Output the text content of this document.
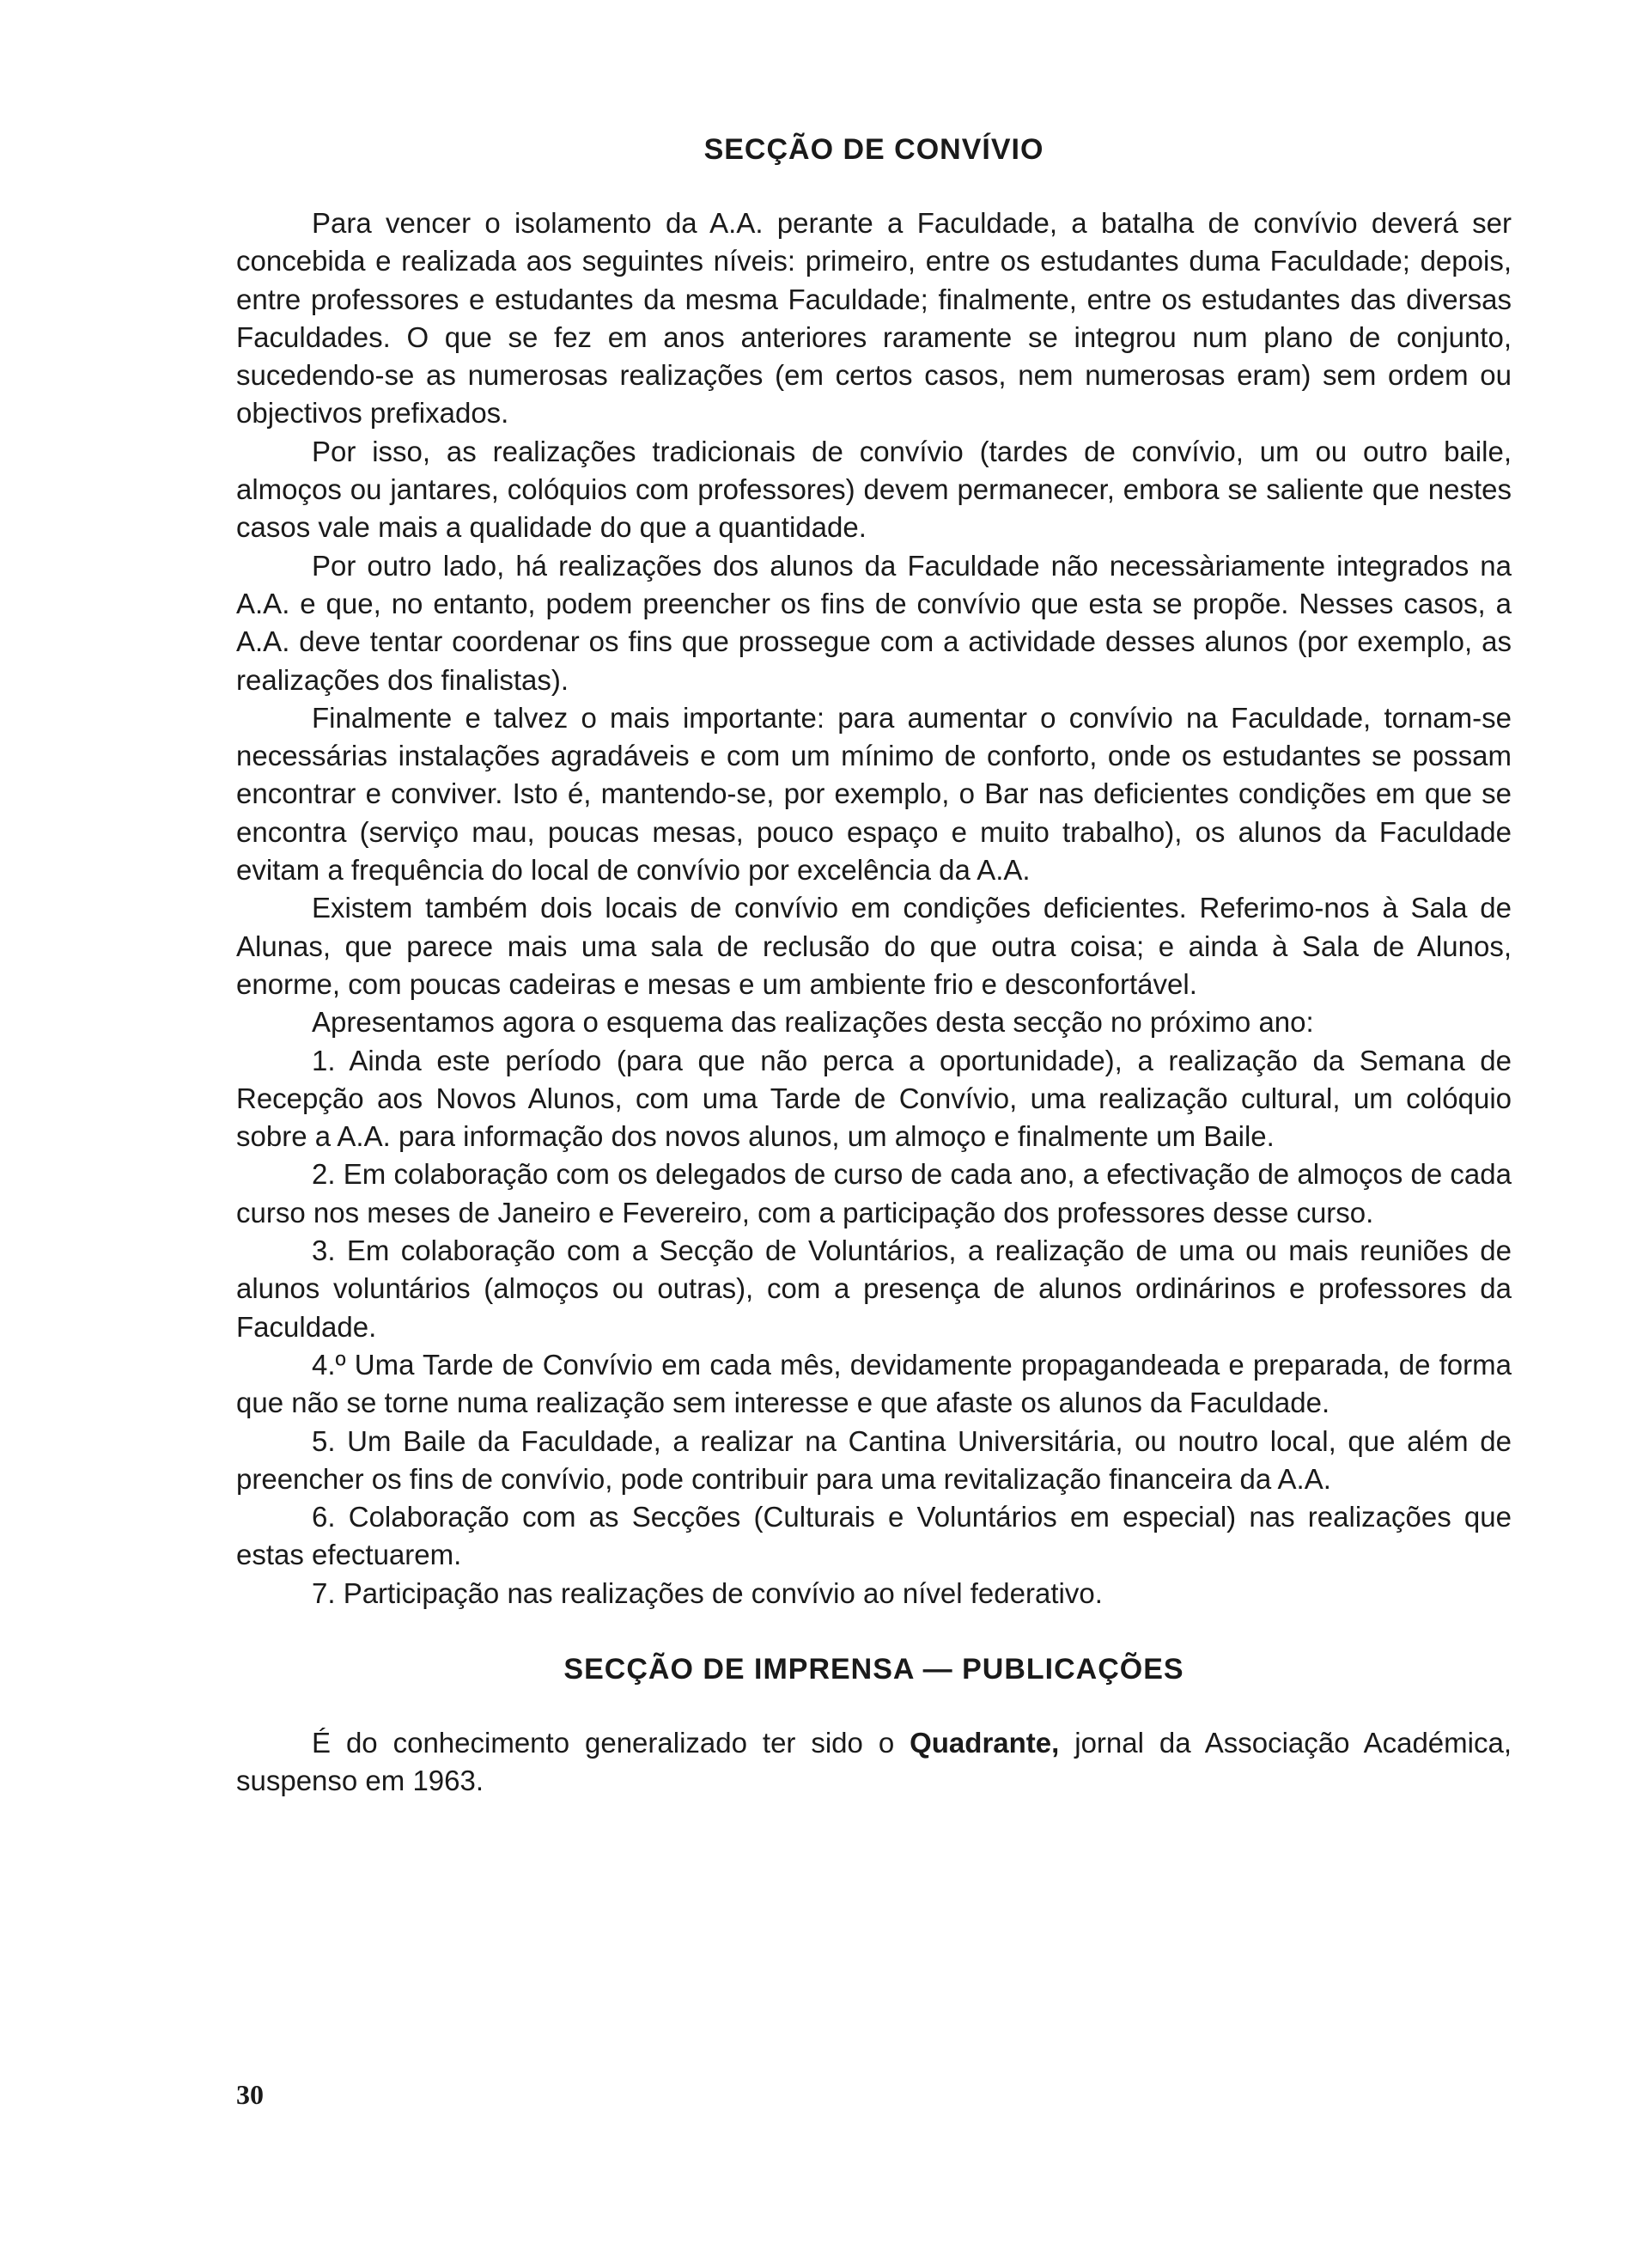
SECÇÃO DE CONVÍVIO

Para vencer o isolamento da A.A. perante a Faculdade, a batalha de convívio deverá ser concebida e realizada aos seguintes níveis: primeiro, entre os estudantes duma Faculdade; depois, entre professores e estudantes da mesma Faculdade; finalmente, entre os estudantes das diversas Faculdades. O que se fez em anos anteriores raramente se integrou num plano de conjunto, sucedendo-se as numerosas realizações (em certos casos, nem numerosas eram) sem ordem ou objectivos prefixados.

Por isso, as realizações tradicionais de convívio (tardes de convívio, um ou outro baile, almoços ou jantares, colóquios com professores) devem permanecer, embora se saliente que nestes casos vale mais a qualidade do que a quantidade.

Por outro lado, há realizações dos alunos da Faculdade não necessàriamente integrados na A.A. e que, no entanto, podem preencher os fins de convívio que esta se propõe. Nesses casos, a A.A. deve tentar coordenar os fins que prossegue com a actividade desses alunos (por exemplo, as realizações dos finalistas).

Finalmente e talvez o mais importante: para aumentar o convívio na Faculdade, tornam-se necessárias instalações agradáveis e com um mínimo de conforto, onde os estudantes se possam encontrar e conviver. Isto é, mantendo-se, por exemplo, o Bar nas deficientes condições em que se encontra (serviço mau, poucas mesas, pouco espaço e muito trabalho), os alunos da Faculdade evitam a frequência do local de convívio por excelência da A.A.

Existem também dois locais de convívio em condições deficientes. Referimo-nos à Sala de Alunas, que parece mais uma sala de reclusão do que outra coisa; e ainda à Sala de Alunos, enorme, com poucas cadeiras e mesas e um ambiente frio e desconfortável.

Apresentamos agora o esquema das realizações desta secção no próximo ano:

1. Ainda este período (para que não perca a oportunidade), a realização da Semana de Recepção aos Novos Alunos, com uma Tarde de Convívio, uma realização cultural, um colóquio sobre a A.A. para informação dos novos alunos, um almoço e finalmente um Baile.

2. Em colaboração com os delegados de curso de cada ano, a efectivação de almoços de cada curso nos meses de Janeiro e Fevereiro, com a participação dos professores desse curso.

3. Em colaboração com a Secção de Voluntários, a realização de uma ou mais reuniões de alunos voluntários (almoços ou outras), com a presença de alunos ordinárinos e professores da Faculdade.

4.º Uma Tarde de Convívio em cada mês, devidamente propagandeada e preparada, de forma que não se torne numa realização sem interesse e que afaste os alunos da Faculdade.

5. Um Baile da Faculdade, a realizar na Cantina Universitária, ou noutro local, que além de preencher os fins de convívio, pode contribuir para uma revitalização financeira da A.A.

6. Colaboração com as Secções (Culturais e Voluntários em especial) nas realizações que estas efectuarem.

7. Participação nas realizações de convívio ao nível federativo.

SECÇÃO DE IMPRENSA — PUBLICAÇÕES

É do conhecimento generalizado ter sido o Quadrante, jornal da Associação Académica, suspenso em 1963.

30
